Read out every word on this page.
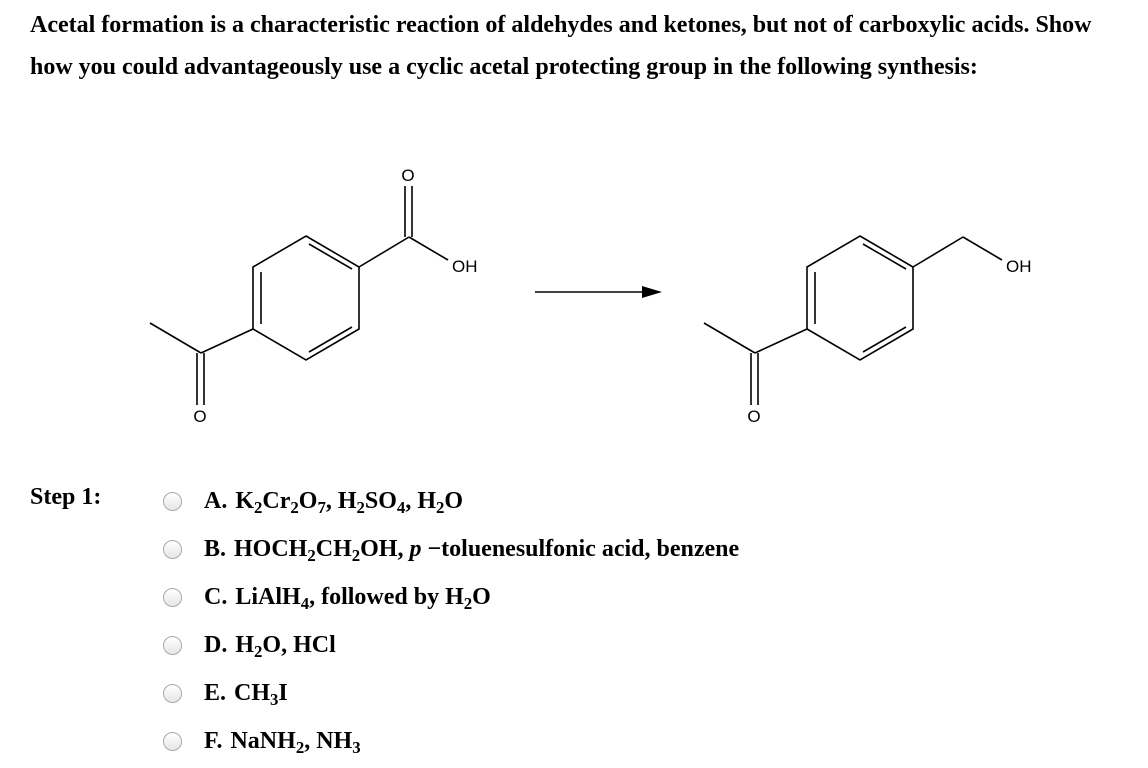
Acetal formation is a characteristic reaction of aldehydes and ketones, but not of carboxylic acids. Show how you could advantageously use a cyclic acetal protecting group in the following synthesis:

O
OH
O
OH
O

Step 1:	A. $K_2Cr_2O_7$, $H_2SO_4$, $H_2O$
B. $HOCH_2CH_2OH$, p −toluenesulfonic acid, benzene
C. LiAlH$_4$, followed by $H_2O$
D. $H_2O$, HCl
E. $CH_3I$
F. NaNH$_2$, $NH_3$
